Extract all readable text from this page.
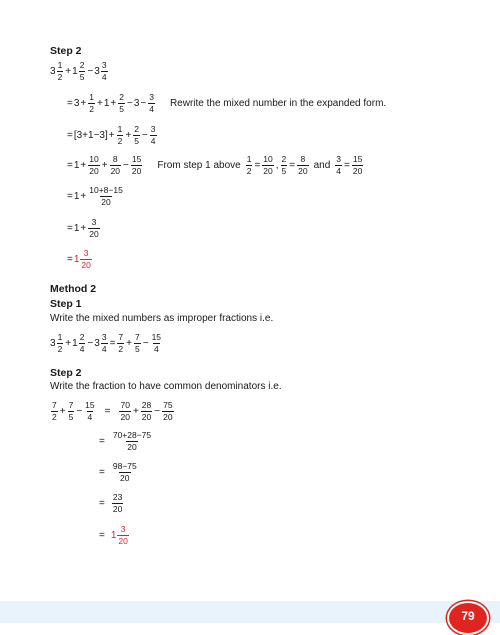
Step 2
3
1
2 + 1
2
5 − 3
3
4
= $3 + \frac{1}{2} + 1 + \frac{2}{5} - 3 - \frac{3}{4}$ Rewrite the mixed number in the expanded form.
= $[3+1-3] + \frac{1}{2} + \frac{2}{5} - \frac{3}{4}$
= $1 + \frac{10}{20} + \frac{8}{20} - \frac{15}{20}$ From step 1 above $\frac{1}{2} = \frac{10}{20}$ , $\frac{2}{5} = \frac{8}{20}$ and $\frac{3}{4} = \frac{15}{20}$
= $1 + \frac{10+8-15}{20}$
= $1 + \frac{3}{20}$
= 1
3
20
Method 2
Step 1
Write the mixed numbers as improper fractions i.e.
3
1
2 + 1
2
$4 - 3 \frac{3}{4} = \frac{7}{2} + \frac{7}{5} - \frac{15}{4}$
Step 2
Write the fraction to have common denominators i.e.
7
$2 + \frac{7}{5} - \frac{15}{4} = \frac{70}{20} + \frac{28}{20} - \frac{75}{20}$
= $\frac{70+28-75}{20}$
= $\frac{98-75}{20}$
= $\frac{23}{20}$
= 1
3
20
79
